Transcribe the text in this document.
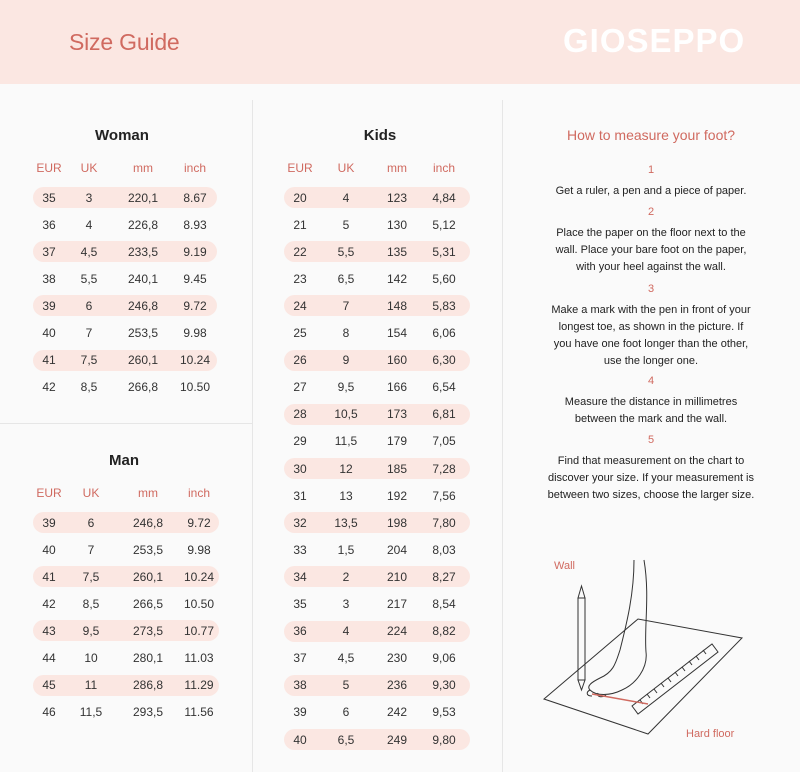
Size Guide	GIOSEPPO
Woman
EUR	UK	mm	inch
35	3	220,1	8.67
36	4	226,8	8.93
37	4,5	233,5	9.19
38	5,5	240,1	9.45
39	6	246,8	9.72
40	7	253,5	9.98
41	7,5	260,1	10.24
42	8,5	266,8	10.50
Man
EUR	UK	mm	inch
39	6	246,8	9.72
40	7	253,5	9.98
41	7,5	260,1	10.24
42	8,5	266,5	10.50
43	9,5	273,5	10.77
44	10	280,1	11.03
45	11	286,8	11.29
46	11,5	293,5	11.56
Kids
EUR	UK	mm	inch
20	4	123	4,84
21	5	130	5,12
22	5,5	135	5,31
23	6,5	142	5,60
24	7	148	5,83
25	8	154	6,06
26	9	160	6,30
27	9,5	166	6,54
28	10,5	173	6,81
29	11,5	179	7,05
30	12	185	7,28
31	13	192	7,56
32	13,5	198	7,80
33	1,5	204	8,03
34	2	210	8,27
35	3	217	8,54
36	4	224	8,82
37	4,5	230	9,06
38	5	236	9,30
39	6	242	9,53
40	6,5	249	9,80
How to measure your foot?
1
Get a ruler, a pen and a piece of paper.
2
Place the paper on the floor next to the
wall. Place your bare foot on the paper,
with your heel against the wall.
3
Make a mark with the pen in front of your
longest toe, as shown in the picture. If
you have one foot longer than the other,
use the longer one.
4
Measure the distance in millimetres
between the mark and the wall.
5
Find that measurement on the chart to
discover your size. If your measurement is
between two sizes, choose the larger size.
Wall
Hard floor
